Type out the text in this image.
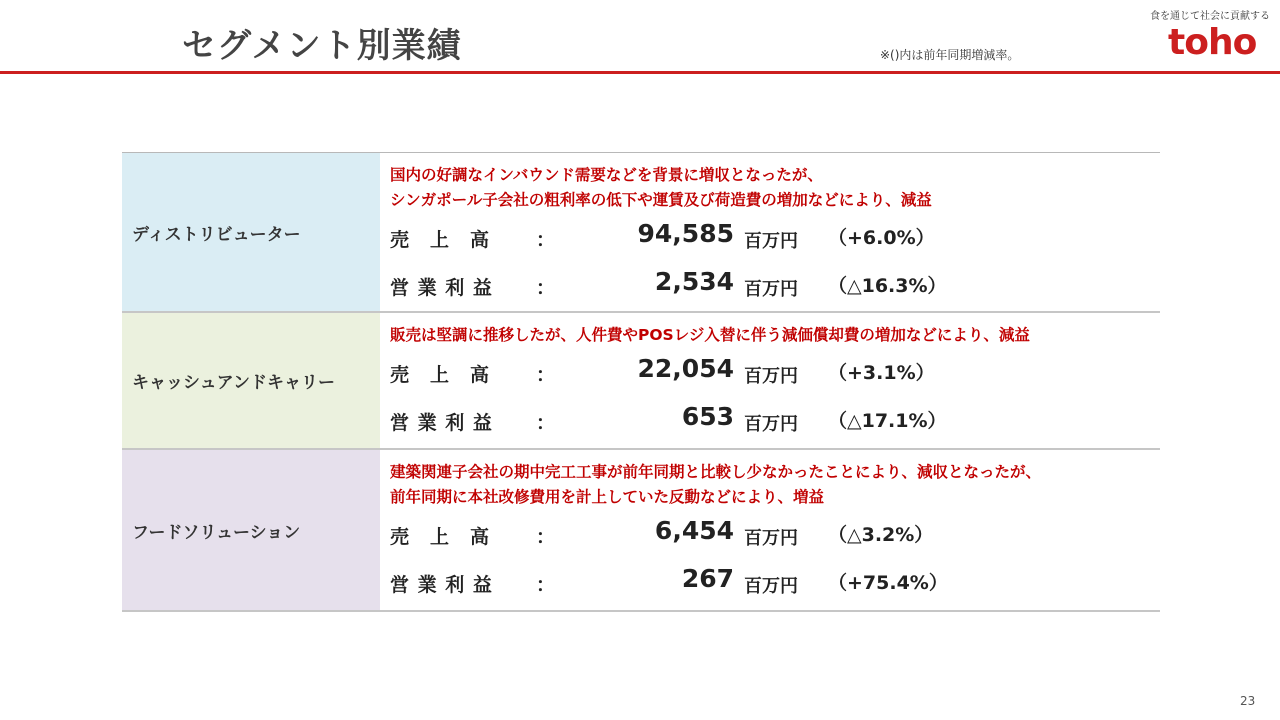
セグメント別業績	※()内は前年同期増減率。
食を通じて社会に貢献する
toho
ディストリビューター
国内の好調なインバウンド需要などを背景に増収となったが、
シンガポール子会社の粗利率の低下や運賃及び荷造費の増加などにより、減益
売　上　高 ：	94,585 百万円 （+6.0%）
営 業 利 益 ：	2,534 百万円 （△16.3%）
キャッシュアンドキャリー
販売は堅調に推移したが、人件費やPOSレジ入替に伴う減価償却費の増加などにより、減益
売　上　高 ：	22,054 百万円 （+3.1%）
営 業 利 益 ：	653 百万円 （△17.1%）
フードソリューション
建築関連子会社の期中完工工事が前年同期と比較し少なかったことにより、減収となったが、
前年同期に本社改修費用を計上していた反動などにより、増益
売　上　高 ：	6,454 百万円 （△3.2%）
営 業 利 益 ：	267 百万円 （+75.4%）
23
